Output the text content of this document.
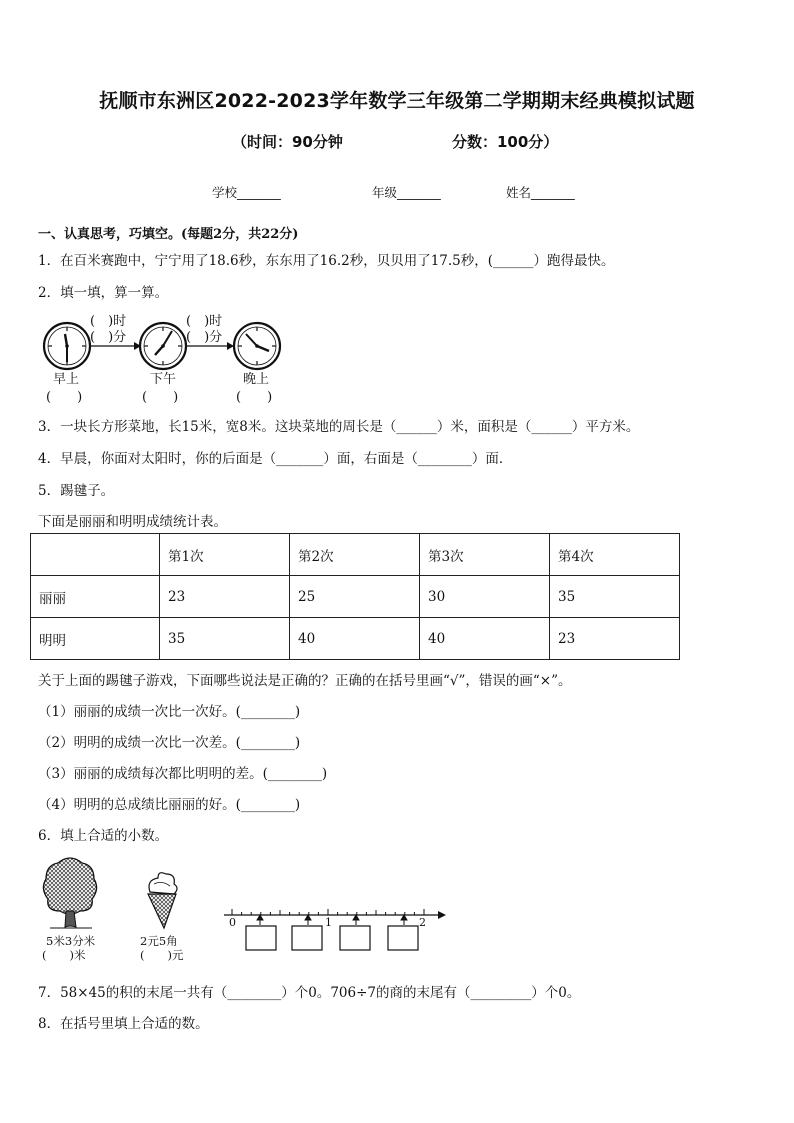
抚顺市东洲区2022-2023学年数学三年级第二学期期末经典模拟试题
（时间：90分钟	分数：100分）
学校_______	年级_______	姓名_______
一、认真思考，巧填空。(每题2分，共22分)
1．在百米赛跑中，宁宁用了18.6秒，东东用了16.2秒，贝贝用了17.5秒，(______）跑得最快。
2．填一填，算一算。
(　)时
(　)分
(　)时
(　)分
早上	下午	晚上
(　　)	(　　)	(　　)
3．一块长方形菜地，长15米，宽8米。这块菜地的周长是（______）米，面积是（______）平方米。
4．早晨，你面对太阳时，你的后面是（_______）面，右面是（________）面．
5．踢毽子。
下面是丽丽和明明成绩统计表。
	第1次	第2次	第3次	第4次
丽丽	23	25	30	35
明明	35	40	40	23
关于上面的踢毽子游戏，下面哪些说法是正确的？正确的在括号里画“√”，错误的画“×”。
（1）丽丽的成绩一次比一次好。(________)
（2）明明的成绩一次比一次差。(________)
（3）丽丽的成绩每次都比明明的差。(________)
（4）明明的总成绩比丽丽的好。(________)
6．填上合适的小数。
5米3分米
(　　)米
2元5角
(　　)元
0	1	2
7．58×45的积的末尾一共有（________）个0。706÷7的商的末尾有（_________）个0。
8．在括号里填上合适的数。
